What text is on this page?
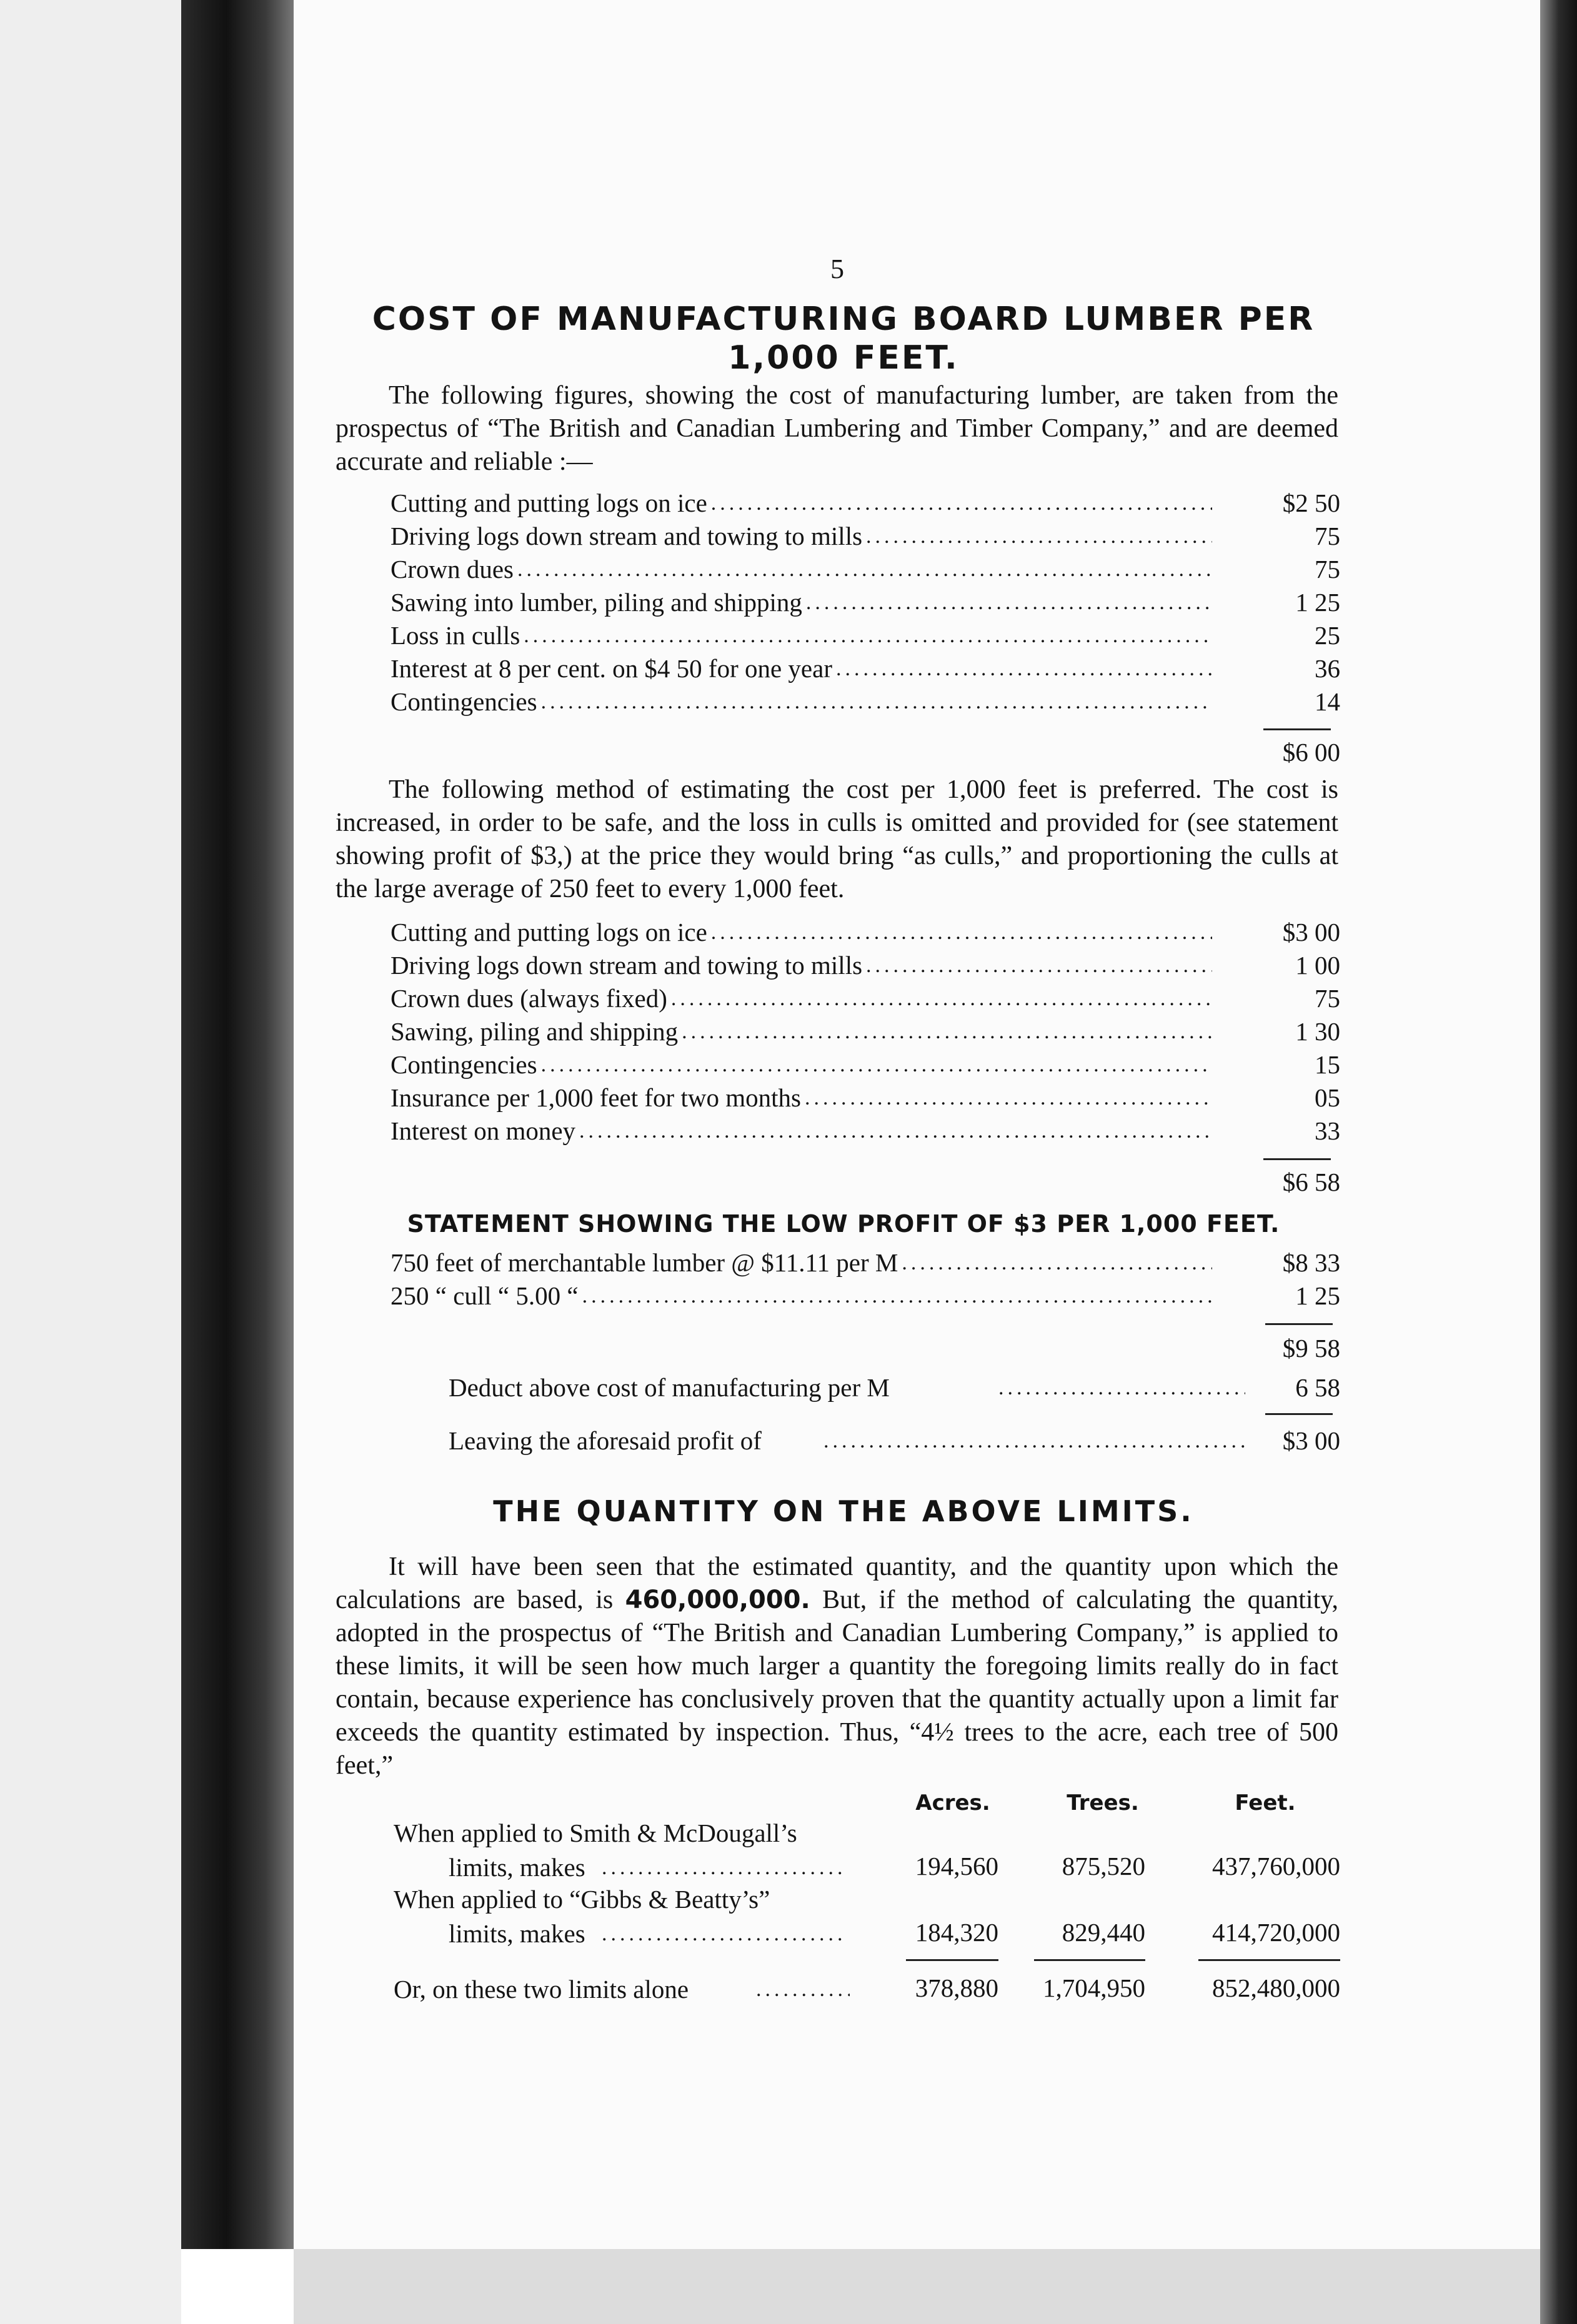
5
COST OF MANUFACTURING BOARD LUMBER PER
1,000 FEET.

The following figures, showing the cost of manufacturing lumber, are taken from the prospectus of “The British and Canadian Lumbering and Timber Company,” and are deemed accurate and reliable :—

Cutting and putting logs on ice .....	$2 50
Driving logs down stream and towing to mills .....	75
Crown dues .....	75
Sawing into lumber, piling and shipping .....	1 25
Loss in culls .....	25
Interest at 8 per cent. on $4 50 for one year .....	36
Contingencies .....	14
$6 00

The following method of estimating the cost per 1,000 feet is preferred. The cost is increased, in order to be safe, and the loss in culls is omitted and provided for (see statement showing profit of $3,) at the price they would bring “as culls,” and proportioning the culls at the large average of 250 feet to every 1,000 feet.

Cutting and putting logs on ice .....	$3 00
Driving logs down stream and towing to mills .....	1 00
Crown dues (always fixed) .....	75
Sawing, piling and shipping .....	1 30
Contingencies .....	15
Insurance per 1,000 feet for two months .....	05
Interest on money .....	33
$6 58
STATEMENT SHOWING THE LOW PROFIT OF $3 PER 1,000 FEET.
750 feet of merchantable lumber @ $11.11 per M .....	$8 33
250 “ cull “ 5.00 “ .....	1 25
$9 58
Deduct above cost of manufacturing per M .....	6 58
Leaving the aforesaid profit of .....	$3 00
THE QUANTITY ON THE ABOVE LIMITS.

It will have been seen that the estimated quantity, and the quantity upon which the calculations are based, is 460,000,000. But, if the method of calculating the quantity, adopted in the prospectus of “The British and Canadian Lumbering Company,” is applied to these limits, it will be seen how much larger a quantity the foregoing limits really do in fact contain, because experience has conclusively proven that the quantity actually upon a limit far exceeds the quantity estimated by inspection. Thus, “4½ trees to the acre, each tree of 500 feet,”

Acres.	Trees.	Feet.
When applied to Smith & McDougall’s
limits, makes .....	194,560	875,520	437,760,000
When applied to “Gibbs & Beatty’s”
limits, makes .....	184,320	829,440	414,720,000
Or, on these two limits alone .....	378,880	1,704,950	852,480,000
